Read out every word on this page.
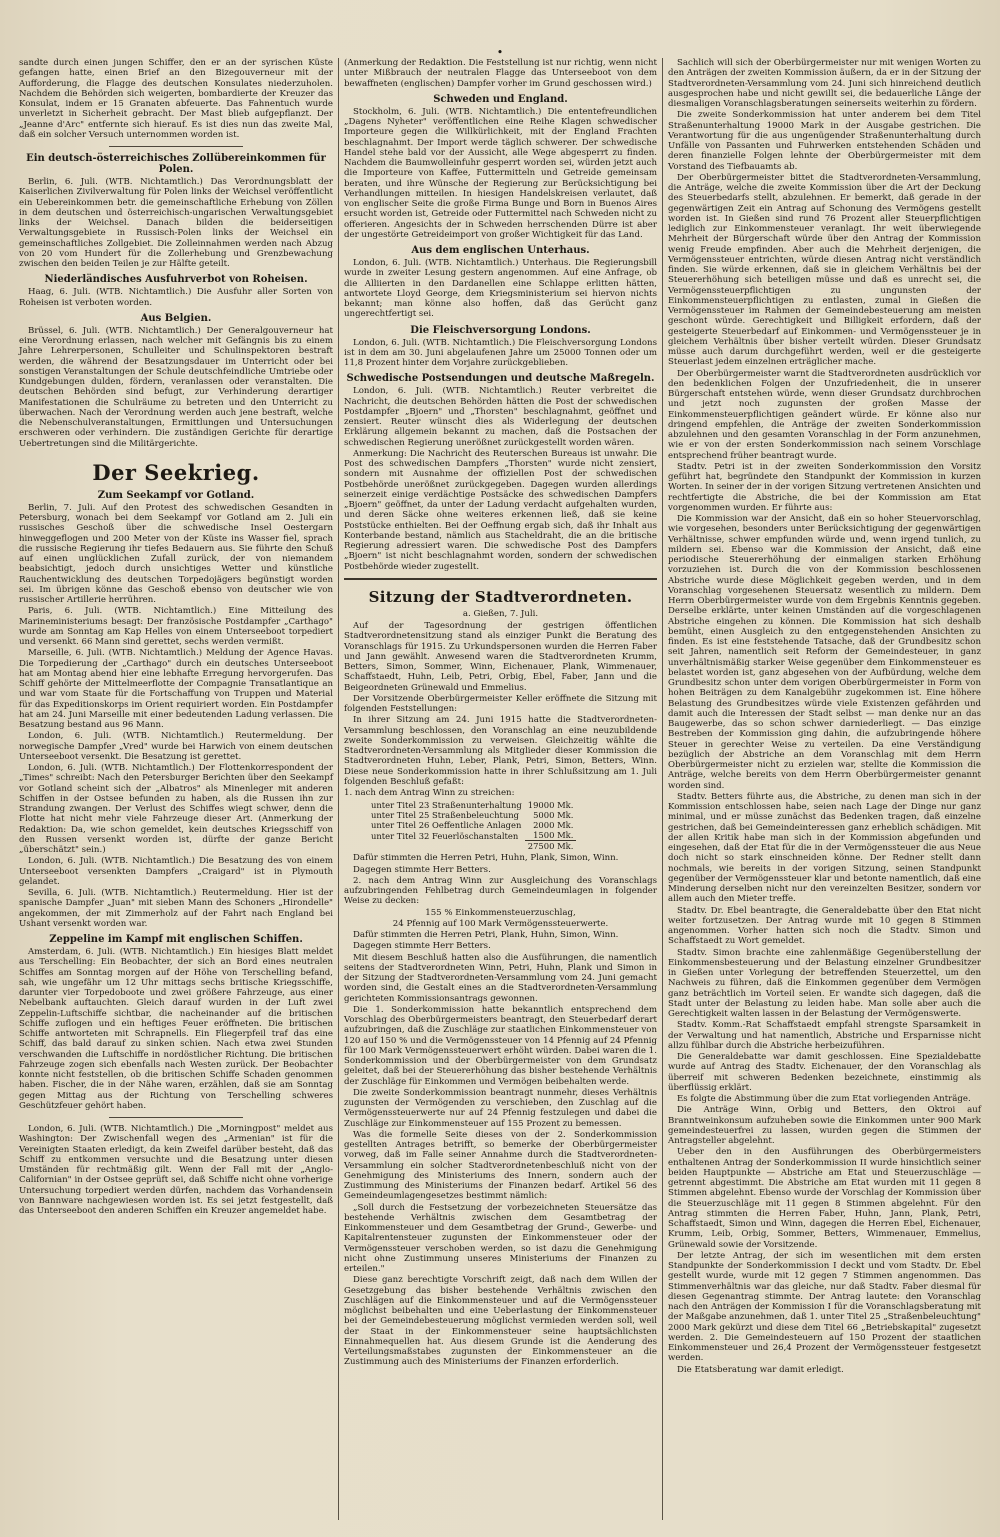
•

sandte durch einen jungen Schiffer, den er an der syrischen Küste gefangen hatte, einen Brief an den Bizegouverneur mit der Aufforderung, die Flagge des deutschen Konsulates niederzuholen. Nachdem die Behörden sich weigerten, bombardierte der Kreuzer das Konsulat, indem er 15 Granaten abfeuerte. Das Fahnentuch wurde unverletzt in Sicherheit gebracht. Der Mast blieb aufgepflanzt. Der „Jeanne d'Arc" entfernte sich hierauf. Es ist dies nun das zweite Mal, daß ein solcher Versuch unternommen worden ist.

Ein deutsch-österreichisches Zollübereinkommen für Polen.

Berlin, 6. Juli. (WTB. Nichtamtlich.) Das Verordnungsblatt der Kaiserlichen Zivilverwaltung für Polen links der Weichsel veröffentlicht ein Uebereinkommen betr. die gemeinschaftliche Erhebung von Zöllen in dem deutschen und österreichisch-ungarischen Verwaltungsgebiet links der Weichsel. Danach bilden die beiderseitigen Verwaltungsgebiete in Russisch-Polen links der Weichsel ein gemeinschaftliches Zollgebiet. Die Zolleinnahmen werden nach Abzug von 20 vom Hundert für die Zollerhebung und Grenzbewachung zwischen den beiden Teilen je zur Hälfte geteilt.

Niederländisches Ausfuhrverbot von Roheisen.

Haag, 6. Juli. (WTB. Nichtamtlich.) Die Ausfuhr aller Sorten von Roheisen ist verboten worden.

Aus Belgien.

Brüssel, 6. Juli. (WTB. Nichtamtlich.) Der Generalgouverneur hat eine Verordnung erlassen, nach welcher mit Gefängnis bis zu einem Jahre Lehrerpersonen, Schulleiter und Schulinspektoren bestraft werden, die während der Besatzungsdauer im Unterricht oder bei sonstigen Veranstaltungen der Schule deutschfeindliche Umtriebe oder Kundgebungen dulden, fördern, veranlassen oder veranstalten. Die deutschen Behörden sind befugt, zur Verhinderung derartiger Manifestationen die Schulräume zu betreten und den Unterricht zu überwachen. Nach der Verordnung werden auch jene bestraft, welche die Nebenschulveranstaltungen, Ermittlungen und Untersuchungen erschweren oder verhindern. Die zuständigen Gerichte für derartige Uebertretungen sind die Militärgerichte.

Der Seekrieg.
Zum Seekampf vor Gotland.

Berlin, 7. Juli. Auf den Protest des schwedischen Gesandten in Petersburg, wonach bei dem Seekampf vor Gotland am 2. Juli ein russisches Geschoß über die schwedische Insel Oestergarn hinweggeflogen und 200 Meter von der Küste ins Wasser fiel, sprach die russische Regierung ihr tiefes Bedauern aus. Sie führte den Schuß auf einen unglücklichen Zufall zurück, der von niemandem beabsichtigt, jedoch durch unsichtiges Wetter und künstliche Rauchentwicklung des deutschen Torpedojägers begünstigt worden sei. Im übrigen könne das Geschoß ebenso von deutscher wie von russischer Artillerie herrühren.

Paris, 6. Juli. (WTB. Nichtamtlich.) Eine Mitteilung des Marineministeriums besagt: Der französische Postdampfer „Carthago" wurde am Sonntag am Kap Helles von einem Unterseeboot torpediert und versenkt. 66 Mann sind gerettet, sechs werden vermißt.

Marseille, 6. Juli. (WTB. Nichtamtlich.) Meldung der Agence Havas. Die Torpedierung der „Carthago" durch ein deutsches Unterseeboot hat am Montag abend hier eine lebhafte Erregung hervorgerufen. Das Schiff gehörte der Mittelmeerflotte der Compagnie Transatlantique an und war vom Staate für die Fortschaffung von Truppen und Material für das Expeditionskorps im Orient requiriert worden. Ein Postdampfer hat am 24. Juni Marseille mit einer bedeutenden Ladung verlassen. Die Besatzung bestand aus 96 Mann.

London, 6. Juli. (WTB. Nichtamtlich.) Reutermeldung. Der norwegische Dampfer „Vred" wurde bei Harwich von einem deutschen Unterseeboot versenkt. Die Besatzung ist gerettet.

London, 6. Juli. (WTB. Nichtamtlich.) Der Flottenkorrespondent der „Times" schreibt: Nach den Petersburger Berichten über den Seekampf vor Gotland scheint sich der „Albatros" als Minenleger mit anderen Schiffen in der Ostsee befunden zu haben, als die Russen ihn zur Strandung zwangen. Der Verlust des Schiffes wiegt schwer, denn die Flotte hat nicht mehr viele Fahrzeuge dieser Art. (Anmerkung der Redaktion: Da, wie schon gemeldet, kein deutsches Kriegsschiff von den Russen versenkt worden ist, dürfte der ganze Bericht „überschätzt" sein.)

London, 6. Juli. (WTB. Nichtamtlich.) Die Besatzung des von einem Unterseeboot versenkten Dampfers „Craigard" ist in Plymouth gelandet.

Sevilla, 6. Juli. (WTB. Nichtamtlich.) Reutermeldung. Hier ist der spanische Dampfer „Juan" mit sieben Mann des Schoners „Hirondelle" angekommen, der mit Zimmerholz auf der Fahrt nach England bei Ushant versenkt worden war.

Zeppeline im Kampf mit englischen Schiffen.

Amsterdam, 6. Juli. (WTB. Nichtamtlich.) Ein hiesiges Blatt meldet aus Terschelling: Ein Beobachter, der sich an Bord eines neutralen Schiffes am Sonntag morgen auf der Höhe von Terschelling befand, sah, wie ungefähr um 12 Uhr mittags sechs britische Kriegsschiffe, darunter vier Torpedoboote und zwei größere Fahrzeuge, aus einer Nebelbank auftauchten. Gleich darauf wurden in der Luft zwei Zeppelin-Luftschiffe sichtbar, die nacheinander auf die britischen Schiffe zuflogen und ein heftiges Feuer eröffneten. Die britischen Schiffe antworteten mit Schrapnells. Ein Fliegerpfeil traf das eine Schiff, das bald darauf zu sinken schien. Nach etwa zwei Stunden verschwanden die Luftschiffe in nordöstlicher Richtung. Die britischen Fahrzeuge zogen sich ebenfalls nach Westen zurück. Der Beobachter konnte nicht feststellen, ob die britischen Schiffe Schaden genommen haben. Fischer, die in der Nähe waren, erzählen, daß sie am Sonntag gegen Mittag aus der Richtung von Terschelling schweres Geschützfeuer gehört haben.

London, 6. Juli. (WTB. Nichtamtlich.) Die „Morningpost" meldet aus Washington: Der Zwischenfall wegen des „Armenian" ist für die Vereinigten Staaten erledigt, da kein Zweifel darüber besteht, daß das Schiff zu entkommen versuchte und die Besatzung unter diesen Umständen für rechtmäßig gilt. Wenn der Fall mit der „Anglo-Californian" in der Ostsee geprüft sei, daß Schiffe nicht ohne vorherige Untersuchung torpediert werden dürfen, nachdem das Vorhandensein von Bannware nachgewiesen worden ist. Es sei jetzt festgestellt, daß das Unterseeboot den anderen Schiffen ein Kreuzer angemeldet habe.

(Anmerkung der Redaktion. Die Feststellung ist nur richtig, wenn nicht unter Mißbrauch der neutralen Flagge das Unterseeboot von dem bewaffneten (englischen) Dampfer vorher im Grund geschossen wird.)

Schweden und England.

Stockholm, 6. Juli. (WTB. Nichtamtlich.) Die ententefreundlichen „Dagens Nyheter" veröffentlichen eine Reihe Klagen schwedischer Importeure gegen die Willkürlichkeit, mit der England Frachten beschlagnahmt. Der Import werde täglich schwerer. Der schwedische Handel stehe bald vor der Aussicht, alle Wege abgesperrt zu finden. Nachdem die Baumwolleinfuhr gesperrt worden sei, würden jetzt auch die Importeure von Kaffee, Futtermitteln und Getreide gemeinsam beraten, und ihre Wünsche der Regierung zur Berücksichtigung bei Verhandlungen mitteilen. In hiesigen Handelskreisen verlautet, daß von englischer Seite die große Firma Bunge und Born in Buenos Aires ersucht worden ist, Getreide oder Futtermittel nach Schweden nicht zu offerieren. Angesichts der in Schweden herrschenden Dürre ist aber der ungestörte Getreideimport von großer Wichtigkeit für das Land.

Aus dem englischen Unterhaus.

London, 6. Juli. (WTB. Nichtamtlich.) Unterhaus. Die Regierungsbill wurde in zweiter Lesung gestern angenommen. Auf eine Anfrage, ob die Alliierten in den Dardanellen eine Schlappe erlitten hätten, antwortete Lloyd George, dem Kriegsministerium sei hiervon nichts bekannt; man könne also hoffen, daß das Gerücht ganz ungerechtfertigt sei.

Die Fleischversorgung Londons.

London, 6. Juli. (WTB. Nichtamtlich.) Die Fleischversorgung Londons ist in dem am 30. Juni abgelaufenen Jahre um 25000 Tonnen oder um 11,8 Prozent hinter dem Vorjahre zurückgeblieben.

Schwedische Postsendungen und deutsche Maßregeln.

London, 6. Juli. (WTB. Nichtamtlich.) Reuter verbreitet die Nachricht, die deutschen Behörden hätten die Post der schwedischen Postdampfer „Bjoern" und „Thorsten" beschlagnahmt, geöffnet und zensiert. Reuter wünscht dies als Widerlegung der deutschen Erklärung allgemein bekannt zu machen, daß die Postsachen der schwedischen Regierung unerößnet zurückgestellt worden wären.

Anmerkung: Die Nachricht des Reuterschen Bureaus ist unwahr. Die Post des schwedischen Dampfers „Thorsten" wurde nicht zensiert, sondern mit Ausnahme der offiziellen Post der schwedischen Postbehörde unerößnet zurückgegeben. Dagegen wurden allerdings seinerzeit einige verdächtige Postsäcke des schwedischen Dampfers „Bjoern" geöffnet, da unter der Ladung verdacht aufgehalten wurden, und deren Säcke ohne weiteres erkennen ließ, daß sie keine Poststücke enthielten. Bei der Oeffnung ergab sich, daß ihr Inhalt aus Konterbande bestand, nämlich aus Stacheldraht, die an die britische Regierung adressiert waren. Die schwedische Post des Dampfers „Bjoern" ist nicht beschlagnahmt worden, sondern der schwedischen Postbehörde wieder zugestellt.

Sitzung der Stadtverordneten.
a. Gießen, 7. Juli.

Auf der Tagesordnung der gestrigen öffentlichen Stadtverordnetensitzung stand als einziger Punkt die Beratung des Voranschlags für 1915. Zu Urkundspersonen wurden die Herren Faber und Jann gewählt. Anwesend waren die Stadtverordneten Krumm, Betters, Simon, Sommer, Winn, Eichenauer, Plank, Wimmenauer, Schaffstaedt, Huhn, Leib, Petri, Orbig, Ebel, Faber, Jann und die Beigeordneten Grünewald und Emmelius.

Der Vorsitzende Oberbürgermeister Keller eröffnete die Sitzung mit folgenden Feststellungen:

In ihrer Sitzung am 24. Juni 1915 hatte die Stadtverordneten-Versammlung beschlossen, den Voranschlag an eine neuzubildende zweite Sonderkommission zu verweisen. Gleichzeitig wählte die Stadtverordneten-Versammlung als Mitglieder dieser Kommission die Stadtverordneten Huhn, Leber, Plank, Petri, Simon, Betters, Winn. Diese neue Sonderkommission hatte in ihrer Schlußsitzung am 1. Juli folgenden Beschluß gefaßt:

1. nach dem Antrag Winn zu streichen:

unter Titel 23 Straßenunterhaltung	19000 Mk.
unter Titel 25 Straßenbeleuchtung	5000 Mk.
unter Titel 26 Oeffentliche Anlagen	2000 Mk.
unter Titel 32 Feuerlöschanstalten	1500 Mk.
	27500 Mk.

Dafür stimmten die Herren Petri, Huhn, Plank, Simon, Winn.

Dagegen stimmte Herr Betters.

2. nach dem Antrag Winn zur Ausgleichung des Voranschlags aufzubringenden Fehlbetrag durch Gemeindeumlagen in folgender Weise zu decken:

155 % Einkommensteuerzuschlag,

24 Pfennig auf 100 Mark Vermögenssteuerwerte.

Dafür stimmten die Herren Petri, Plank, Huhn, Simon, Winn.

Dagegen stimmte Herr Betters.

Mit diesem Beschluß hatten also die Ausführungen, die namentlich seitens der Stadtverordneten Winn, Petri, Huhn, Plank und Simon in der Sitzung der Stadtverordneten-Versammlung vom 24. Juni gemacht worden sind, die Gestalt eines an die Stadtverordneten-Versammlung gerichteten Kommissionsantrags gewonnen.

Die 1. Sonderkommission hatte bekanntlich entsprechend dem Vorschlag des Oberbürgermeisters beantragt, den Steuerbedarf derart aufzubringen, daß die Zuschläge zur staatlichen Einkommensteuer von 120 auf 150 % und die Vermögenssteuer von 14 Pfennig auf 24 Pfennig für 100 Mark Vermögenssteuerwert erhöht würden. Dabei waren die 1. Sonderkommission und der Oberbürgermeister von dem Grundsatz geleitet, daß bei der Steuererhöhung das bisher bestehende Verhältnis der Zuschläge für Einkommen und Vermögen beibehalten werde.

Die zweite Sonderkommission beantragt nunmehr, dieses Verhältnis zugunsten der Vermögenden zu verschieben, den Zuschlag auf die Vermögenssteuerwerte nur auf 24 Pfennig festzulegen und dabei die Zuschläge zur Einkommensteuer auf 155 Prozent zu bemessen.

Was die formelle Seite dieses von der 2. Sonderkommission gestellten Antrages betrifft, so bemerke der Oberbürgermeister vorweg, daß im Falle seiner Annahme durch die Stadtverordneten-Versammlung ein solcher Stadtverordnetenbeschluß nicht von der Genehmigung des Ministeriums des Innern, sondern auch der Zustimmung des Ministeriums der Finanzen bedarf. Artikel 56 des Gemeindeumlagengesetzes bestimmt nämlich:

„Soll durch die Festsetzung der vorbezeichneten Steuersätze das bestehende Verhältnis zwischen dem Gesamtbetrag der Einkommensteuer und dem Gesamtbetrag der Grund-, Gewerbe- und Kapitalrentensteuer zugunsten der Einkommensteuer oder der Vermögenssteuer verschoben werden, so ist dazu die Genehmigung nicht ohne Zustimmung unseres Ministeriums der Finanzen zu erteilen."

Diese ganz berechtigte Vorschrift zeigt, daß nach dem Willen der Gesetzgebung das bisher bestehende Verhältnis zwischen den Zuschlägen auf die Einkommensteuer und auf die Vermögenssteuer möglichst beibehalten und eine Ueberlastung der Einkommensteuer bei der Gemeindebesteuerung möglichst vermieden werden soll, weil der Staat in der Einkommensteuer seine hauptsächlichsten Einnahmequellen hat. Aus diesem Grunde ist die Aenderung des Verteilungsmaßstabes zugunsten der Einkommensteuer an die Zustimmung auch des Ministeriums der Finanzen erforderlich.

Sachlich will sich der Oberbürgermeister nur mit wenigen Worten zu den Anträgen der zweiten Kommission äußern, da er in der Sitzung der Stadtverordneten-Versammlung vom 24. Juni sich hinreichend deutlich ausgesprochen habe und nicht gewillt sei, die bedauerliche Länge der diesmaligen Voranschlagsberatungen seinerseits weiterhin zu fördern.

Die zweite Sonderkommission hat unter anderem bei dem Titel Straßenunterhaltung 19000 Mark in der Ausgabe gestrichen. Die Verantwortung für die aus ungenügender Straßenunterhaltung durch Unfälle von Passanten und Fuhrwerken entstehenden Schäden und deren finanzielle Folgen lehnte der Oberbürgermeister mit dem Vorstand des Tiefbauamts ab.

Der Oberbürgermeister bittet die Stadtverordneten-Versammlung, die Anträge, welche die zweite Kommission über die Art der Deckung des Steuerbedarfs stellt, abzulehnen. Er bemerkt, daß gerade in der gegenwärtigen Zeit ein Antrag auf Schonung des Vermögens gestellt worden ist. In Gießen sind rund 76 Prozent aller Steuerpflichtigen lediglich zur Einkommensteuer veranlagt. Ihr weit überwiegende Mehrheit der Bürgerschaft würde über den Antrag der Kommission wenig Freude empfinden. Aber auch die Mehrheit derjenigen, die Vermögenssteuer entrichten, würde diesen Antrag nicht verständlich finden. Sie würde erkennen, daß sie in gleichem Verhältnis bei der Steuererhöhung sich beteiligen müsse und daß es unrecht sei, die Vermögenssteuerpflichtigen zu ungunsten der Einkommensteuerpflichtigen zu entlasten, zumal in Gießen die Vermögenssteuer im Rahmen der Gemeindebesteuerung am meisten geschont würde. Gerechtigkeit und Billigkeit erfordern, daß der gesteigerte Steuerbedarf auf Einkommen- und Vermögenssteuer je in gleichem Verhältnis über bisher verteilt würden. Dieser Grundsatz müsse auch darum durchgeführt werden, weil er die gesteigerte Steuerlast jedem einzelnen erträglicher mache.

Der Oberbürgermeister warnt die Stadtverordneten ausdrücklich vor den bedenklichen Folgen der Unzufriedenheit, die in unserer Bürgerschaft entstehen würde, wenn dieser Grundsatz durchbrochen und jetzt noch zugunsten der großen Masse der Einkommensteuerpflichtigen geändert würde. Er könne also nur dringend empfehlen, die Anträge der zweiten Sonderkommission abzulehnen und den gesamten Voranschlag in der Form anzunehmen, wie er von der ersten Sonderkommission nach seinem Vorschlage entsprechend früher beantragt wurde.

Stadtv. Petri ist in der zweiten Sonderkommission den Vorsitz geführt hat, begründete den Standpunkt der Kommission in kurzen Worten. In seiner der in der vorigen Sitzung vertretenen Ansichten und rechtfertigte die Abstriche, die bei der Kommission am Etat vorgenommen wurden. Er führte aus:

Die Kommission war der Ansicht, daß ein so hoher Steuervorschlag, wie vorgesehen, besonders unter Berücksichtigung der gegenwärtigen Verhältnisse, schwer empfunden würde und, wenn irgend tunlich, zu mildern sei. Ebenso war die Kommission der Ansicht, daß eine periodische Steuererhöhung der einmaligen starken Erhöhung vorzuziehen ist. Durch die von der Kommission beschlossenen Abstriche wurde diese Möglichkeit gegeben werden, und in dem Voranschlag vorgesehenen Steuersatz wesentlich zu mildern. Dem Herrn Oberbürgermeister wurde von dem Ergebnis Kenntnis gegeben. Derselbe erklärte, unter keinen Umständen auf die vorgeschlagenen Abstriche eingehen zu können. Die Kommission hat sich deshalb bemüht, einen Ausgleich zu den entgegenstehenden Ansichten zu finden. Es ist eine feststehende Tatsache, daß der Grundbesitz schon seit Jahren, namentlich seit Reform der Gemeindesteuer, in ganz unverhältnismäßig starker Weise gegenüber dem Einkommensteuer es belastet worden ist, ganz abgesehen von der Aufbürdung, welche dem Grundbesitz schon unter dem vorigen Oberbürgermeister in Form von hohen Beiträgen zu dem Kanalgebühr zugekommen ist. Eine höhere Belastung des Grundbesitzes würde viele Existenzen gefährden und damit auch die Interessen der Stadt selbst — man denke nur an das Baugewerbe, das so schon schwer darniederliegt. — Das einzige Bestreben der Kommission ging dahin, die aufzubringende höhere Steuer in gerechter Weise zu verteilen. Da eine Verständigung bezüglich der Abstriche an dem Voranschlag mit dem Herrn Oberbürgermeister nicht zu erzielen war, stellte die Kommission die Anträge, welche bereits von dem Herrn Oberbürgermeister genannt worden sind.

Stadtv. Betters führte aus, die Abstriche, zu denen man sich in der Kommission entschlossen habe, seien nach Lage der Dinge nur ganz minimal, und er müsse zunächst das Bedenken tragen, daß einzelne gestrichen, daß bei Gemeindeinteressen ganz erheblich schädigen. Mit der allen Kritik habe man sich in der Kommission abgefunden und eingesehen, daß der Etat für die in der Vermögenssteuer die aus Neue doch nicht so stark einschneiden könne. Der Redner stellt dann nochmals, wie bereits in der vorigen Sitzung, seinen Standpunkt gegenüber der Vermögenssteuer klar und betonte namentlich, daß eine Minderung derselben nicht nur den vereinzelten Besitzer, sondern vor allem auch den Mieter treffe.

Stadtv. Dr. Ebel beantragte, die Generaldebatte über den Etat nicht weiter fortzusetzen. Der Antrag wurde mit 10 gegen 8 Stimmen angenommen. Vorher hatten sich noch die Stadtv. Simon und Schaffstaedt zu Wort gemeldet.

Stadtv. Simon brachte eine zahlenmäßige Gegenüberstellung der Einkommensbesteuerung und der Belastung einzelner Grundbesitzer in Gießen unter Vorlegung der betreffenden Steuerzettel, um den Nachweis zu führen, daß die Einkommen gegenüber dem Vermögen ganz beträchtlich im Vorteil seien. Er wandte sich dagegen, daß die Stadt unter der Belastung zu leiden habe. Man solle aber auch die Gerechtigkeit walten lassen in der Belastung der Vermögenswerte.

Stadtv. Komm.-Rat Schaffstaedt empfahl strengste Sparsamkeit in der Verwaltung und hat namentlich, Abstriche und Ersparnisse nicht allzu fühlbar durch die Abstriche herbeizuführen.

Die Generaldebatte war damit geschlossen. Eine Spezialdebatte wurde auf Antrag des Stadtv. Eichenauer, der den Voranschlag als überreif mit schweren Bedenken bezeichnete, einstimmig als überflüssig erklärt.

Es folgte die Abstimmung über die zum Etat vorliegenden Anträge.

Die Anträge Winn, Orbig und Betters, den Oktroi auf Branntweinkonsum aufzuheben sowie die Einkommen unter 900 Mark gemeindesteuerfrei zu lassen, wurden gegen die Stimmen der Antragsteller abgelehnt.

Ueber den in den Ausführungen des Oberbürgermeisters enthaltenen Antrag der Sonderkommission II wurde hinsichtlich seiner beiden Hauptpunkte — Abstriche am Etat und Steuerzuschläge — getrennt abgestimmt. Die Abstriche am Etat wurden mit 11 gegen 8 Stimmen abgelehnt. Ebenso wurde der Vorschlag der Kommission über die Steuerzuschläge mit 11 gegen 8 Stimmen abgelehnt. Für den Antrag stimmten die Herren Faber, Huhn, Jann, Plank, Petri, Schaffstaedt, Simon und Winn, dagegen die Herren Ebel, Eichenauer, Krumm, Leib, Orbig, Sommer, Betters, Wimmenauer, Emmelius, Grünewald sowie der Vorsitzende.

Der letzte Antrag, der sich im wesentlichen mit dem ersten Standpunkte der Sonderkommission I deckt und vom Stadtv. Dr. Ebel gestellt wurde, wurde mit 12 gegen 7 Stimmen angenommen. Das Stimmenverhältnis war das gleiche, nur daß Stadtv. Faber diesmal für diesen Gegenantrag stimmte. Der Antrag lautete: den Voranschlag nach den Anträgen der Kommission I für die Voranschlagsberatung mit der Maßgabe anzunehmen, daß 1. unter Titel 25 „Straßenbeleuchtung" 2000 Mark gekürzt und diese dem Titel 66 „Betriebskapital" zugesetzt werden. 2. Die Gemeindesteuern auf 150 Prozent der staatlichen Einkommensteuer und 26,4 Prozent der Vermögenssteuer festgesetzt werden.

Die Etatsberatung war damit erledigt.
